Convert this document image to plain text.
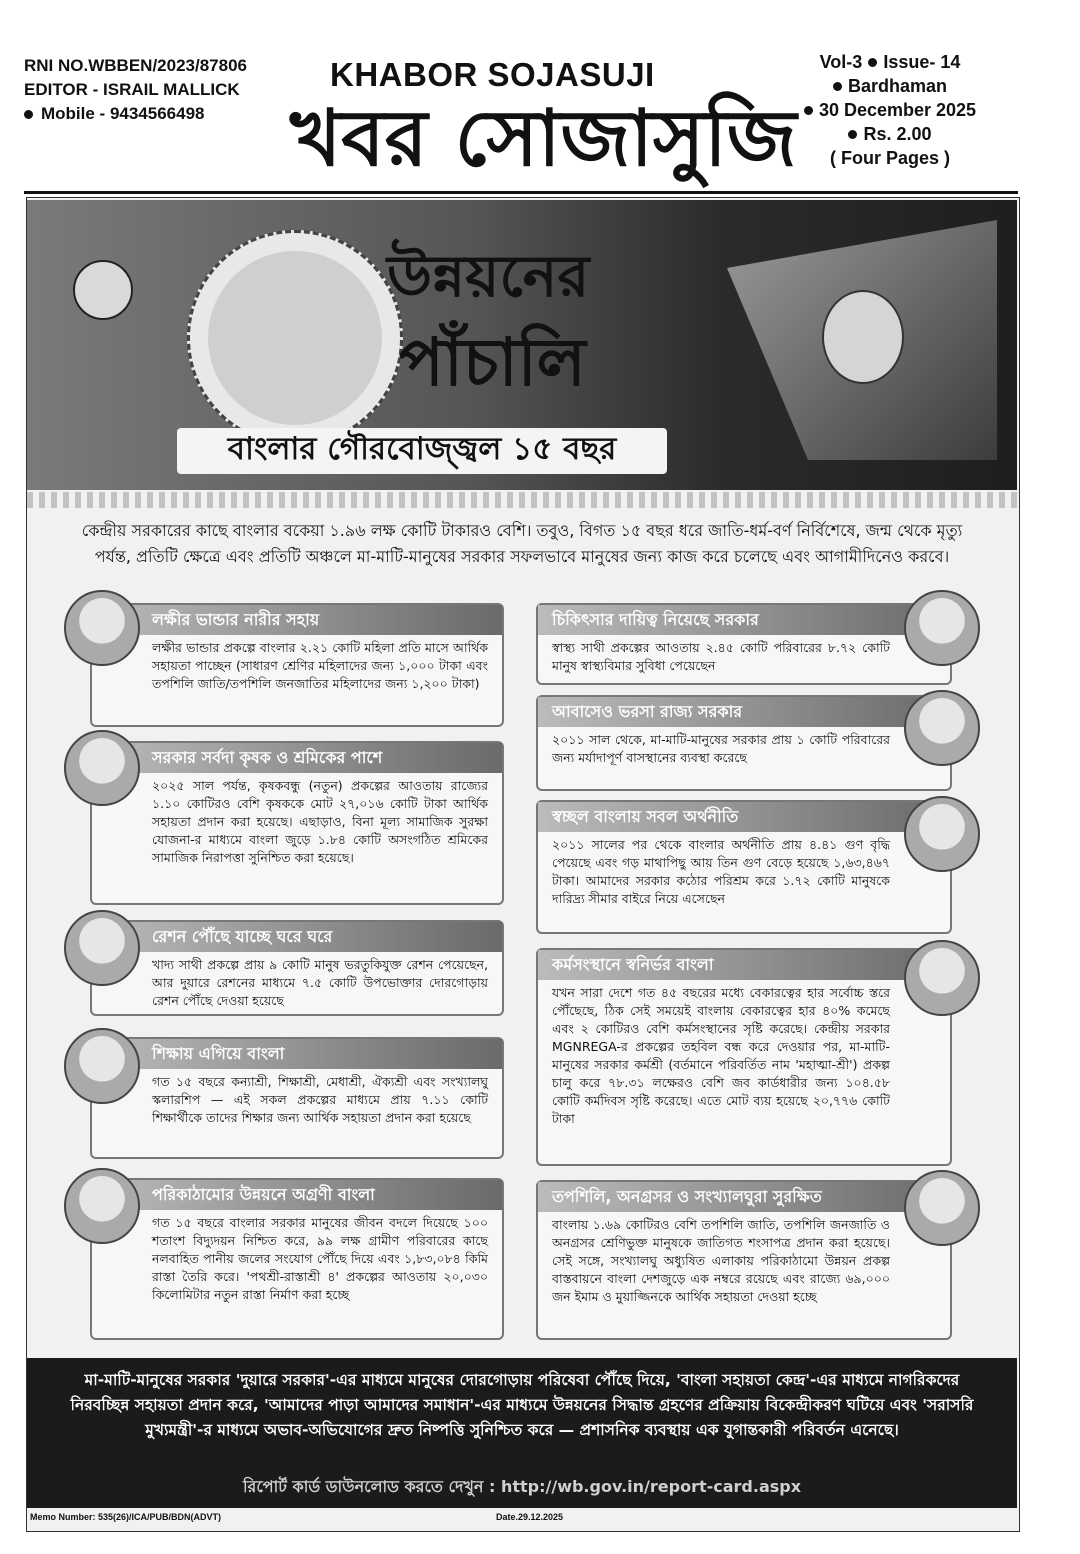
RNI NO.WBBEN/2023/87806
EDITOR - ISRAIL MALLICK
Mobile - 9434566498
KHABOR SOJASUJI
খবর সোজাসুজি
Vol-3 Issue- 14
Bardhaman
30 December 2025
Rs. 2.00
( Four Pages )
উন্নয়নের
পাঁচালি
বাংলার গৌরবোজ্জ্বল ১৫ বছর
কেন্দ্রীয় সরকারের কাছে বাংলার বকেয়া ১.৯৬ লক্ষ কোটি টাকারও বেশি। তবুও, বিগত ১৫ বছর ধরে জাতি-ধর্ম-বর্ণ নির্বিশেষে, জন্ম থেকে মৃত্যু পর্যন্ত, প্রতিটি ক্ষেত্রে এবং প্রতিটি অঞ্চলে মা-মাটি-মানুষের সরকার সফলভাবে মানুষের জন্য কাজ করে চলেছে এবং আগামীদিনেও করবে।
লক্ষীর ভান্ডার নারীর সহায়
লক্ষীর ভান্ডার প্রকল্পে বাংলার ২.২১ কোটি মহিলা প্রতি মাসে আর্থিক সহায়তা পাচ্ছেন (সাধারণ শ্রেণির মহিলাদের জন্য ১,০০০ টাকা এবং তপশিলি জাতি/তপশিলি জনজাতির মহিলাদের জন্য ১,২০০ টাকা)
সরকার সর্বদা কৃষক ও শ্রমিকের পাশে
২০২৫ সাল পর্যন্ত, কৃষকবন্ধু (নতুন) প্রকল্পের আওতায় রাজ্যের ১.১০ কোটিরও বেশি কৃষককে মোট ২৭,০১৬ কোটি টাকা আর্থিক সহায়তা প্রদান করা হয়েছে। এছাড়াও, বিনা মূল্য সামাজিক সুরক্ষা যোজনা-র মাধ্যমে বাংলা জুড়ে ১.৮৪ কোটি অসংগঠিত শ্রমিকের সামাজিক নিরাপত্তা সুনিশ্চিত করা হয়েছে।
রেশন পৌঁছে যাচ্ছে ঘরে ঘরে
খাদ্য সাথী প্রকল্পে প্রায় ৯ কোটি মানুষ ভরতুকিযুক্ত রেশন পেয়েছেন, আর দুয়ারে রেশনের মাধ্যমে ৭.৫ কোটি উপভোক্তার দোরগোড়ায় রেশন পৌঁছে দেওয়া হয়েছে
শিক্ষায় এগিয়ে বাংলা
গত ১৫ বছরে কন্যাশ্রী, শিক্ষাশ্রী, মেধাশ্রী, ঐক্যশ্রী এবং সংখ্যালঘু স্কলারশিপ — এই সকল প্রকল্পের মাধ্যমে প্রায় ৭.১১ কোটি শিক্ষার্থীকে তাদের শিক্ষার জন্য আর্থিক সহায়তা প্রদান করা হয়েছে
পরিকাঠামোর উন্নয়নে অগ্রণী বাংলা
গত ১৫ বছরে বাংলার সরকার মানুষের জীবন বদলে দিয়েছে ১০০ শতাংশ বিদ্যুদয়ন নিশ্চিত করে, ৯৯ লক্ষ গ্রামীণ পরিবারের কাছে নলবাহিত পানীয় জলের সংযোগ পৌঁছে দিয়ে এবং ১,৮৩,০৮৪ কিমি রাস্তা তৈরি করে। 'পথশ্রী-রাস্তাশ্রী ৪' প্রকল্পের আওতায় ২০,০৩০ কিলোমিটার নতুন রাস্তা নির্মাণ করা হচ্ছে
চিকিৎসার দায়িত্ব নিয়েছে সরকার
স্বাস্থ্য সাথী প্রকল্পের আওতায় ২.৪৫ কোটি পরিবারের ৮.৭২ কোটি মানুষ স্বাস্থ্যবিমার সুবিধা পেয়েছেন
আবাসেও ভরসা রাজ্য সরকার
২০১১ সাল থেকে, মা-মাটি-মানুষের সরকার প্রায় ১ কোটি পরিবারের জন্য মর্যাদাপূর্ণ বাসস্থানের ব্যবস্থা করেছে
স্বচ্ছল বাংলায় সবল অর্থনীতি
২০১১ সালের পর থেকে বাংলার অর্থনীতি প্রায় ৪.৪১ গুণ বৃদ্ধি পেয়েছে এবং গড় মাথাপিছু আয় তিন গুণ বেড়ে হয়েছে ১,৬৩,৪৬৭ টাকা। আমাদের সরকার কঠোর পরিশ্রম করে ১.৭২ কোটি মানুষকে দারিদ্র্য সীমার বাইরে নিয়ে এসেছেন
কর্মসংস্থানে স্বনির্ভর বাংলা
যখন সারা দেশে গত ৪৫ বছরের মধ্যে বেকারত্বের হার সর্বোচ্চ স্তরে পৌঁছেছে, ঠিক সেই সময়েই বাংলায় বেকারত্বের হার ৪০% কমেছে এবং ২ কোটিরও বেশি কর্মসংস্থানের সৃষ্টি করেছে। কেন্দ্রীয় সরকার MGNREGA-র প্রকল্পের তহবিল বন্ধ করে দেওয়ার পর, মা-মাটি-মানুষের সরকার কর্মশ্রী (বর্তমানে পরিবর্তিত নাম 'মহাত্মা-শ্রী') প্রকল্প চালু করে ৭৮.৩১ লক্ষেরও বেশি জব কার্ডধারীর জন্য ১০৪.৫৮ কোটি কর্মদিবস সৃষ্টি করেছে। এতে মোট ব্যয় হয়েছে ২০,৭৭৬ কোটি টাকা
তপশিলি, অনগ্রসর ও সংখ্যালঘুরা সুরক্ষিত
বাংলায় ১.৬৯ কোটিরও বেশি তপশিলি জাতি, তপশিলি জনজাতি ও অনগ্রসর শ্রেণিভুক্ত মানুষকে জাতিগত শংসাপত্র প্রদান করা হয়েছে। সেই সঙ্গে, সংখ্যালঘু অধ্যুষিত এলাকায় পরিকাঠামো উন্নয়ন প্রকল্প বাস্তবায়নে বাংলা দেশজুড়ে এক নম্বরে রয়েছে এবং রাজ্যে ৬৯,০০০ জন ইমাম ও মুয়াজ্জিনকে আর্থিক সহায়তা দেওয়া হচ্ছে
মা-মাটি-মানুষের সরকার 'দুয়ারে সরকার'-এর মাধ্যমে মানুষের দোরগোড়ায় পরিষেবা পৌঁছে দিয়ে, 'বাংলা সহায়তা কেন্দ্র'-এর মাধ্যমে নাগরিকদের নিরবচ্ছিন্ন সহায়তা প্রদান করে, 'আমাদের পাড়া আমাদের সমাধান'-এর মাধ্যমে উন্নয়নের সিদ্ধান্ত গ্রহণের প্রক্রিয়ায় বিকেন্দ্রীকরণ ঘটিয়ে এবং 'সরাসরি মুখ্যমন্ত্রী'-র মাধ্যমে অভাব-অভিযোগের দ্রুত নিষ্পত্তি সুনিশ্চিত করে — প্রশাসনিক ব্যবস্থায় এক যুগান্তকারী পরিবর্তন এনেছে।
রিপোর্ট কার্ড ডাউনলোড করতে দেখুন : http://wb.gov.in/report-card.aspx
Memo Number: 535(26)/ICA/PUB/BDN(ADVT)	Date.29.12.2025
